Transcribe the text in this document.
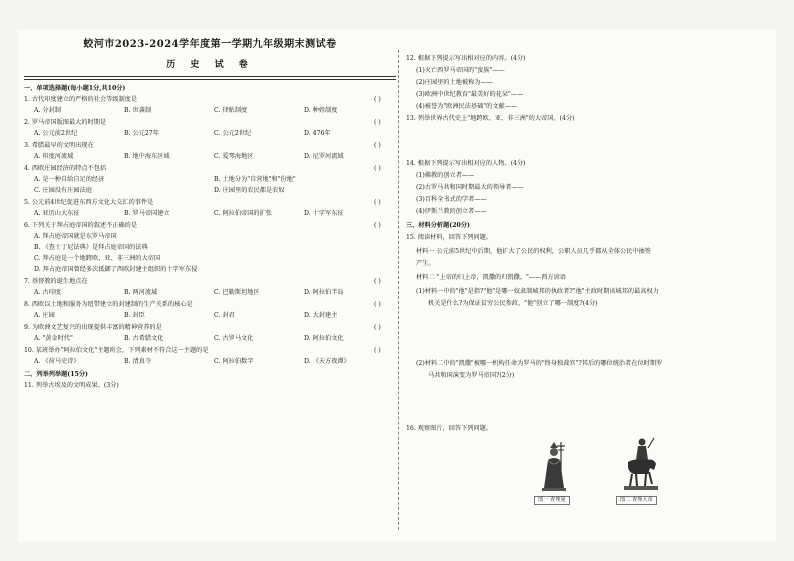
蛟河市2023-2024学年度第一学期九年级期末测试卷
历 史 试 卷
一、单项选择题(每小题1分,共10分)
1. 古代印度建立的严格的社会等级制度是	( )
A. 分封制	B. 世袭制	C. 律贴制度	D. 种姓制度
2. 罗马帝国版图最大的时期是	( )
A. 公元前2世纪	B. 公元27年	C. 公元2世纪	D. 476年
3. 希腊最早的文明出现在	( )
A. 印度河流域	B. 地中海东区域	C. 爱琴海地区	D. 尼罗河流域
4. 西欧庄园经济的特点不包括	( )
A. 是一种自给自足的经济	B. 土地分为"自营地"和"份地"
C. 庄园没有庄园法庭	D. 庄园里的农民都是农奴
5. 公元前4世纪促进东西方文化大交汇的事件是	( )
A. 亚历山大东征	B. 罗马帝国建立	C. 阿拉伯帝国的扩张	D. 十字军东征
6. 下列关于拜占庭帝国的叙述不正确的是	( )
A. 拜占庭帝国就是东罗马帝国
B. 《查士丁尼法典》是拜占庭帝国的法典
C. 拜占庭是一个地跨欧、亚、非三洲的大帝国
D. 拜占庭帝国曾经多次抵御了西欧封建主组织的十字军东侵
7. 基督教的诞生地点在	( )
A. 古印度	B. 两河流域	C. 巴勒斯坦地区	D. 阿拉伯半岛
8. 西欧以土地和服务为纽带建立的封建制的生产关系的核心是	( )
A. 庄园	B. 封臣	C. 封君	D. 大封建主
9. 为欧洲文艺复兴的出现提供丰富的精神营养的是	( )
A. "黄金时代"	B. 古希腊文化	C. 古罗马文化	D. 阿拉伯文化
10. 某班举办"阿拉伯文化"主题班会，下列素材不符合这一主题的是	( )
A. 《荷马史诗》	B. 清真寺	C. 阿拉伯数字	D. 《天方夜谭》
二、列举列举题(15分)
11. 列举古埃及的文明成果。(3分)
12. 根据下列提示写出相对应的内容。(4分)
(1)灭亡西罗马帝国的"蛮族"——
(2)庄园里的土地被称为——
(3)欧洲中世纪教育"最美好的花朵"——
(4)被誉为"欧洲民法基础"的文献——
13. 列举世界古代史上"地跨欧、亚、非三洲"的大帝国。(4分)
14. 根据下列提示写出相对应的人物。(4分)
(1)佛教的创立者——
(2)古罗马共和国时期最大的领导者——
(3)百科全书式的学者——
(4)伊斯兰教的创立者——
三、材料分析题(20分)
15. 阅读材料，回答下列问题。
材料一 公元前5世纪中后期，他扩大了公民的权利，公职人员几乎都从全体公民中抽签
产生。
材料二 "上帝的归上帝，凯撒的归凯撒。"——西方谚语
(1)材料一中的"他"是指?"他"是哪一奴隶制城邦的执政者?"他"主政时期该城邦的最高权力
机关是什么?为保证贫穷公民参政，"他"创立了哪一制度?(4分)
(2)材料二中的"凯撒"被哪一机构任命为罗马的"终身独裁官"?其后的哪位统治者在位时期罗
马共和国演变为罗马帝国?(2分)
16. 观察图片，回答下列问题。
图一 查理曼	图二 查理大帝
